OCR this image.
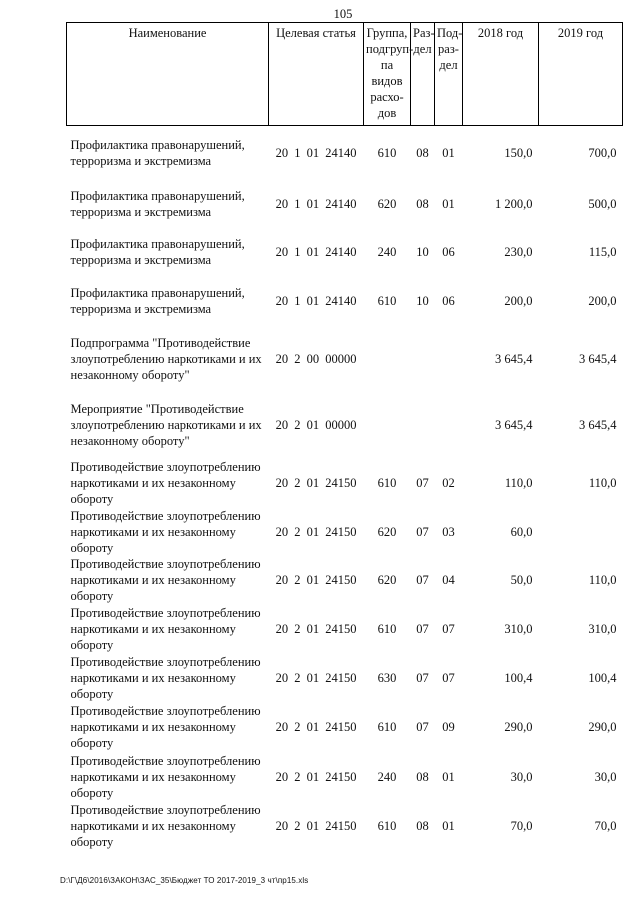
105
Наименование	Целевая статья	Группа, подгруп- па видов расхо- дов	Раз- дел	Под- раз- дел	2018 год	2019 год
Профилактика правонарушений, терроризма и экстремизма	20 1 01 24140	610	08	01	150,0	700,0
Профилактика правонарушений, терроризма и экстремизма	20 1 01 24140	620	08	01	1 200,0	500,0
Профилактика правонарушений, терроризма и экстремизма	20 1 01 24140	240	10	06	230,0	115,0
Профилактика правонарушений, терроризма и экстремизма	20 1 01 24140	610	10	06	200,0	200,0
Подпрограмма "Противодействие злоупотреблению наркотиками и их незаконному обороту"	20 2 00 00000				3 645,4	3 645,4
Мероприятие "Противодействие злоупотреблению наркотиками и их незаконному обороту"	20 2 01 00000				3 645,4	3 645,4
Противодействие злоупотреблению наркотиками и их незаконному обороту	20 2 01 24150	610	07	02	110,0	110,0
Противодействие злоупотреблению наркотиками и их незаконному обороту	20 2 01 24150	620	07	03	60,0	
Противодействие злоупотреблению наркотиками и их незаконному обороту	20 2 01 24150	620	07	04	50,0	110,0
Противодействие злоупотреблению наркотиками и их незаконному обороту	20 2 01 24150	610	07	07	310,0	310,0
Противодействие злоупотреблению наркотиками и их незаконному обороту	20 2 01 24150	630	07	07	100,4	100,4
Противодействие злоупотреблению наркотиками и их незаконному обороту	20 2 01 24150	610	07	09	290,0	290,0
Противодействие злоупотреблению наркотиками и их незаконному обороту	20 2 01 24150	240	08	01	30,0	30,0
Противодействие злоупотреблению наркотиками и их незаконному обороту	20 2 01 24150	610	08	01	70,0	70,0
D:\Г\Д6\2016\ЗАКОН\ЗАС_35\Бюджет ТО 2017-2019_3 чт\пр15.xls
